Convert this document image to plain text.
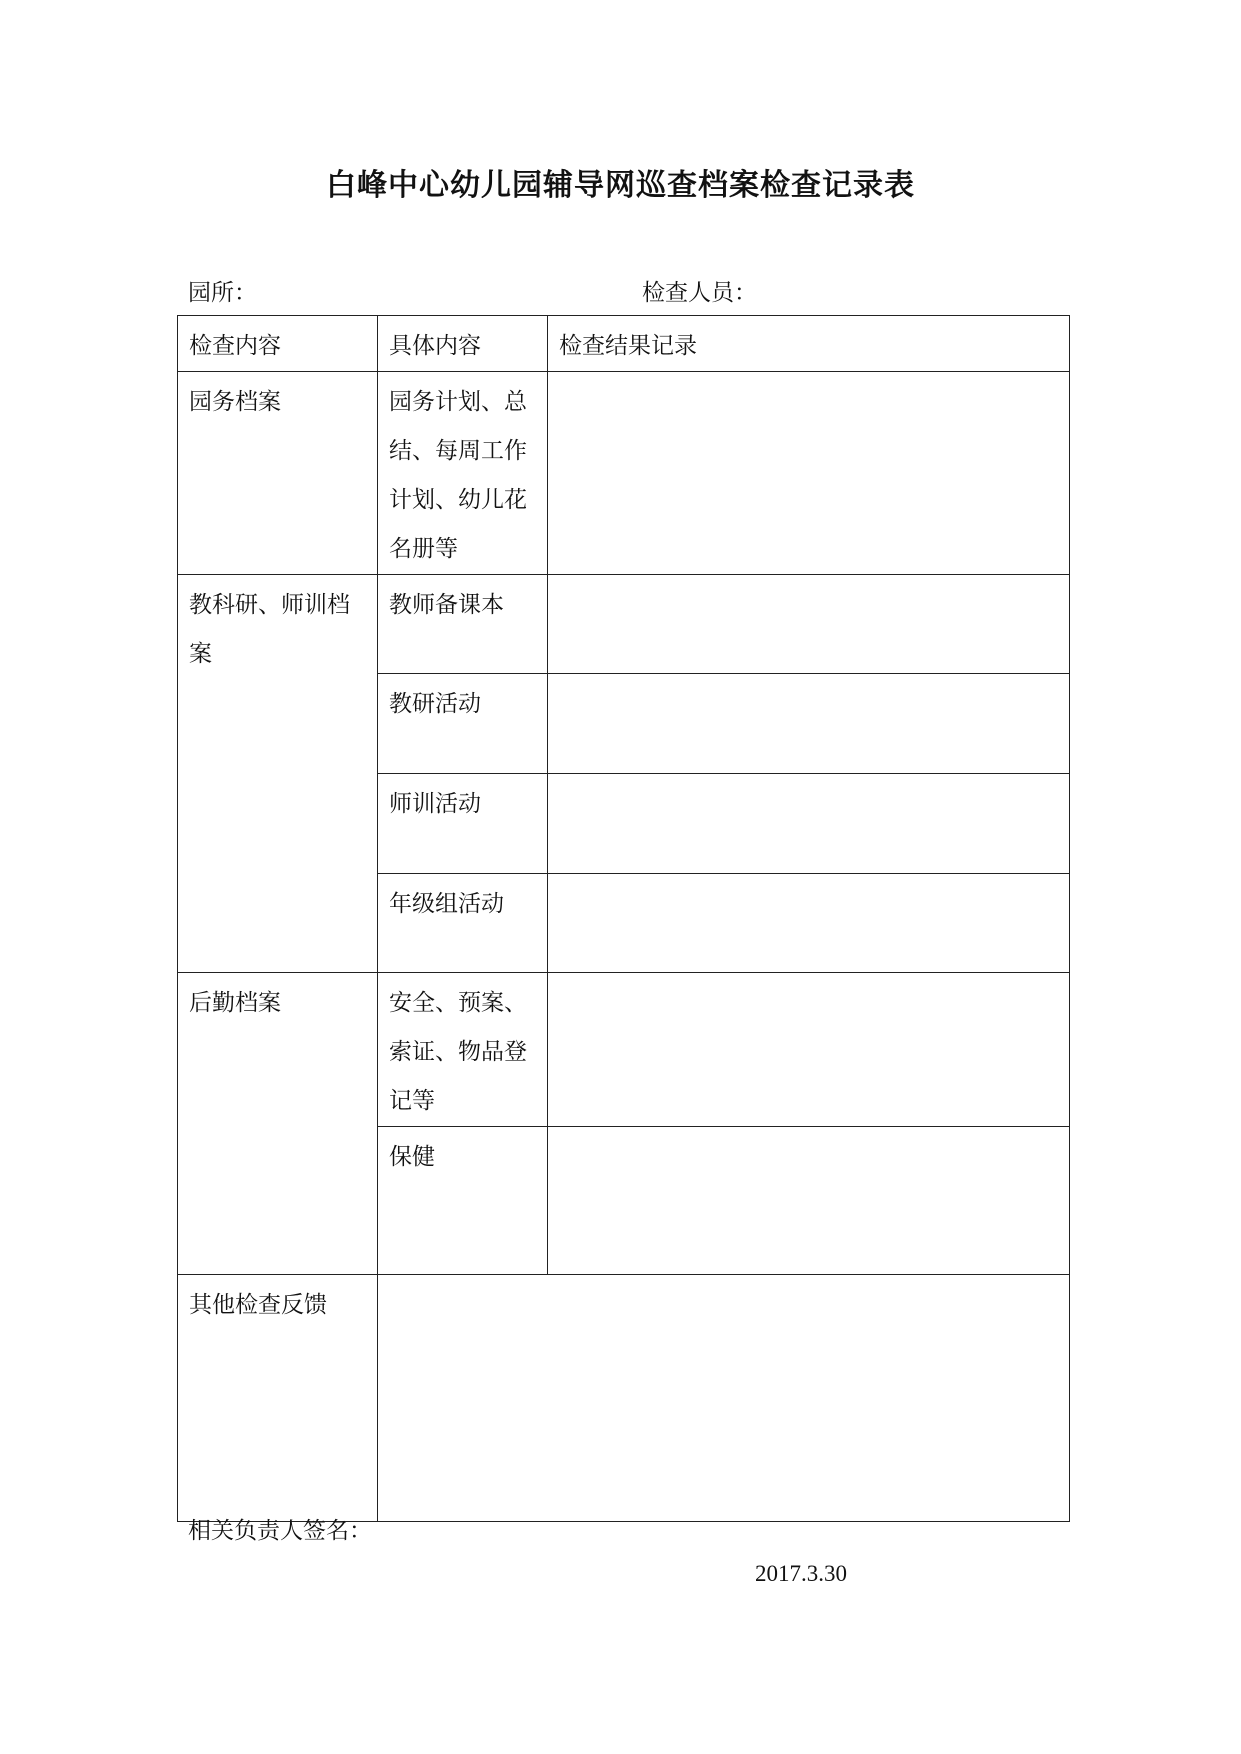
白峰中心幼儿园辅导网巡查档案检查记录表
园所：	检查人员：
检查内容	具体内容	检查结果记录

园务档案	园务计划、总结、每周工作计划、幼儿花名册等	

教科研、师训档案	教师备课本	

	教研活动	

	师训活动	

	年级组活动	

后勤档案	安全、预案、索证、物品登记等	

	保健	

其他检查反馈		

相关负责人签名：
2017.3.30
